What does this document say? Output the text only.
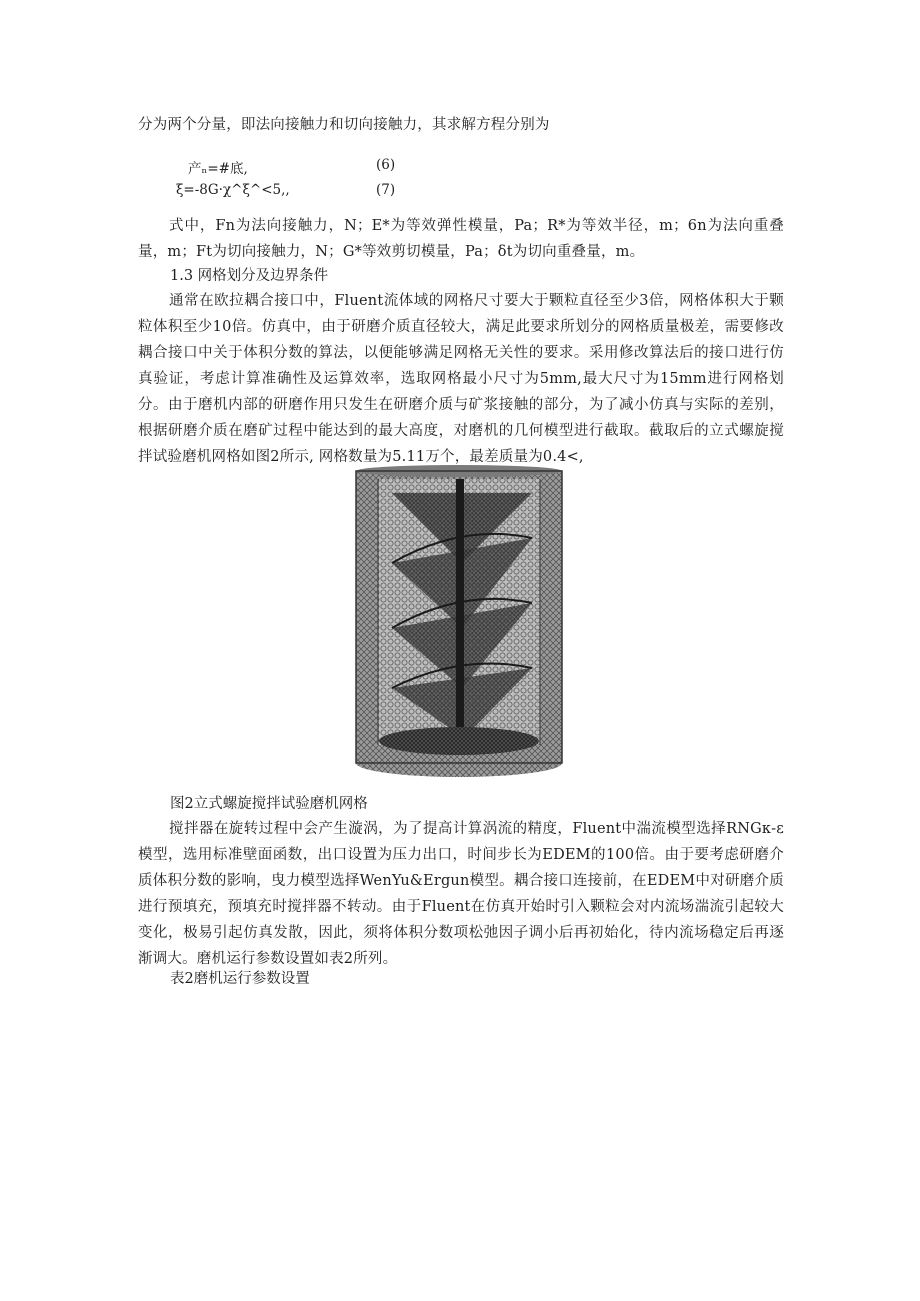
分为两个分量，即法向接触力和切向接触力，其求解方程分别为

产ₙ=#底,	(6)
ξ=-8G·χ^ξ^<5,,	(7)

式中，Fn为法向接触力，N；E*为等效弹性模量，Pa；R*为等效半径，m；6n为法向重叠量，m；Ft为切向接触力，N；G*等效剪切模量，Pa；δt为切向重叠量，m。

1.3 网格划分及边界条件

通常在欧拉耦合接口中，Fluent流体域的网格尺寸要大于颗粒直径至少3倍，网格体积大于颗粒体积至少10倍。仿真中，由于研磨介质直径较大，满足此要求所划分的网格质量极差，需要修改耦合接口中关于体积分数的算法，以便能够满足网格无关性的要求。采用修改算法后的接口进行仿真验证，考虑计算准确性及运算效率，选取网格最小尺寸为5mm,最大尺寸为15mm进行网格划分。由于磨机内部的研磨作用只发生在研磨介质与矿浆接触的部分，为了减小仿真与实际的差别，根据研磨介质在磨矿过程中能达到的最大高度，对磨机的几何模型进行截取。截取后的立式螺旋搅拌试验磨机网格如图2所示, 网格数量为5.11万个，最差质量为0.4<,

图2立式螺旋搅拌试验磨机网格

搅拌器在旋转过程中会产生漩涡，为了提高计算涡流的精度，Fluent中湍流模型选择RNGκ-ε模型，选用标准壁面函数，出口设置为压力出口，时间步长为EDEM的100倍。由于要考虑研磨介质体积分数的影响，曳力模型选择WenYu&Ergun模型。耦合接口连接前，在EDEM中对研磨介质进行预填充，预填充时搅拌器不转动。由于Fluent在仿真开始时引入颗粒会对内流场湍流引起较大变化，极易引起仿真发散，因此，须将体积分数项松弛因子调小后再初始化，待内流场稳定后再逐渐调大。磨机运行参数设置如表2所列。

表2磨机运行参数设置
